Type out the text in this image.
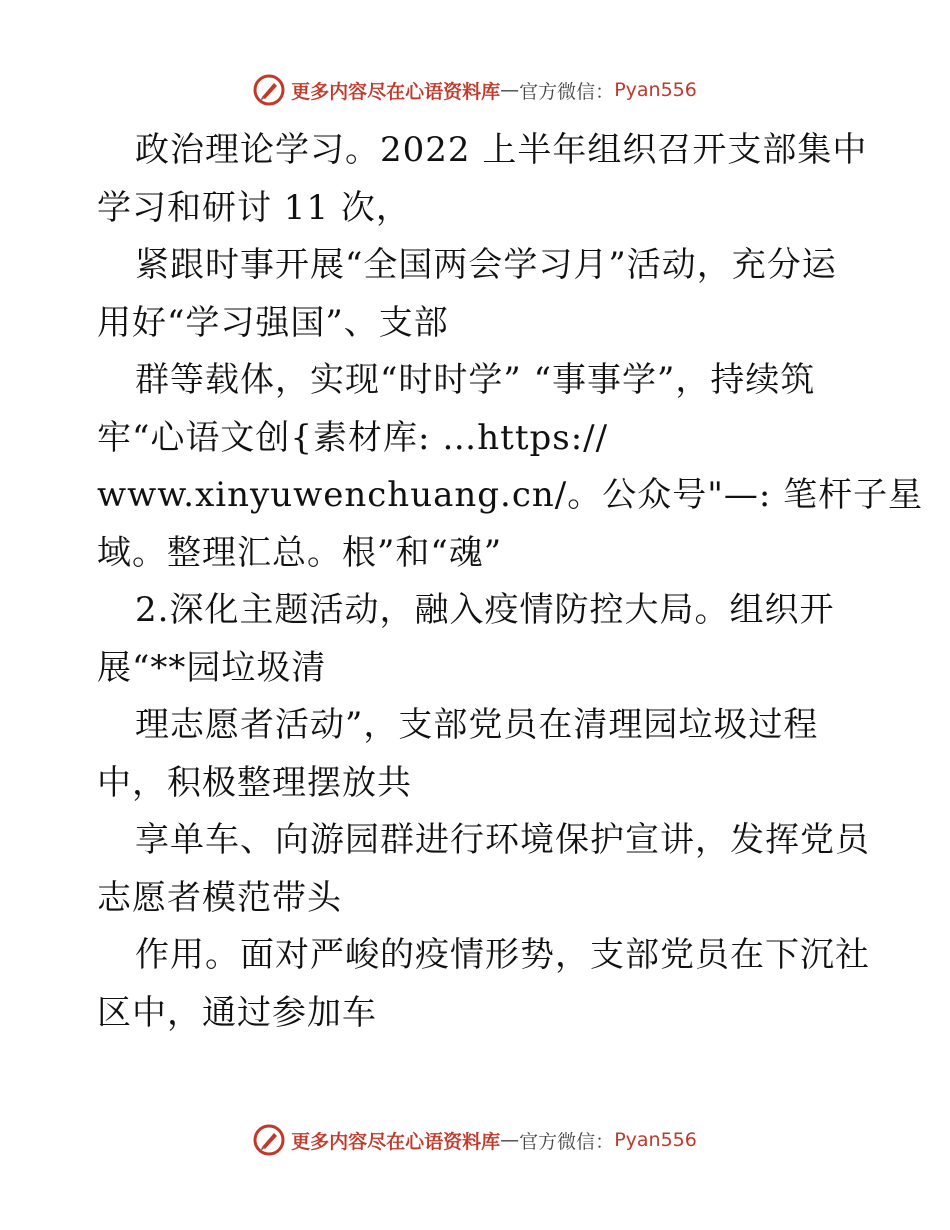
更多内容尽在心语资料库 — 官方微信： Pyan556
政治理论学习。2022 上半年组织召开支部集中
学习和研讨 11 次，
紧跟时事开展“全国两会学习月”活动，充分运
用好“学习强国”、支部
群等载体，实现“时时学” “事事学”，持续筑
牢“心语文创{素材库: …https://
www.xinyuwenchuang.cn/。公众号"—: 笔杆子星
域。整理汇总。根”和“魂”
2.深化主题活动，融入疫情防控大局。组织开
展“**园垃圾清
理志愿者活动”，支部党员在清理园垃圾过程
中，积极整理摆放共
享单车、向游园群进行环境保护宣讲，发挥党员
志愿者模范带头
作用。面对严峻的疫情形势，支部党员在下沉社
区中，通过参加车
更多内容尽在心语资料库 — 官方微信： Pyan556
